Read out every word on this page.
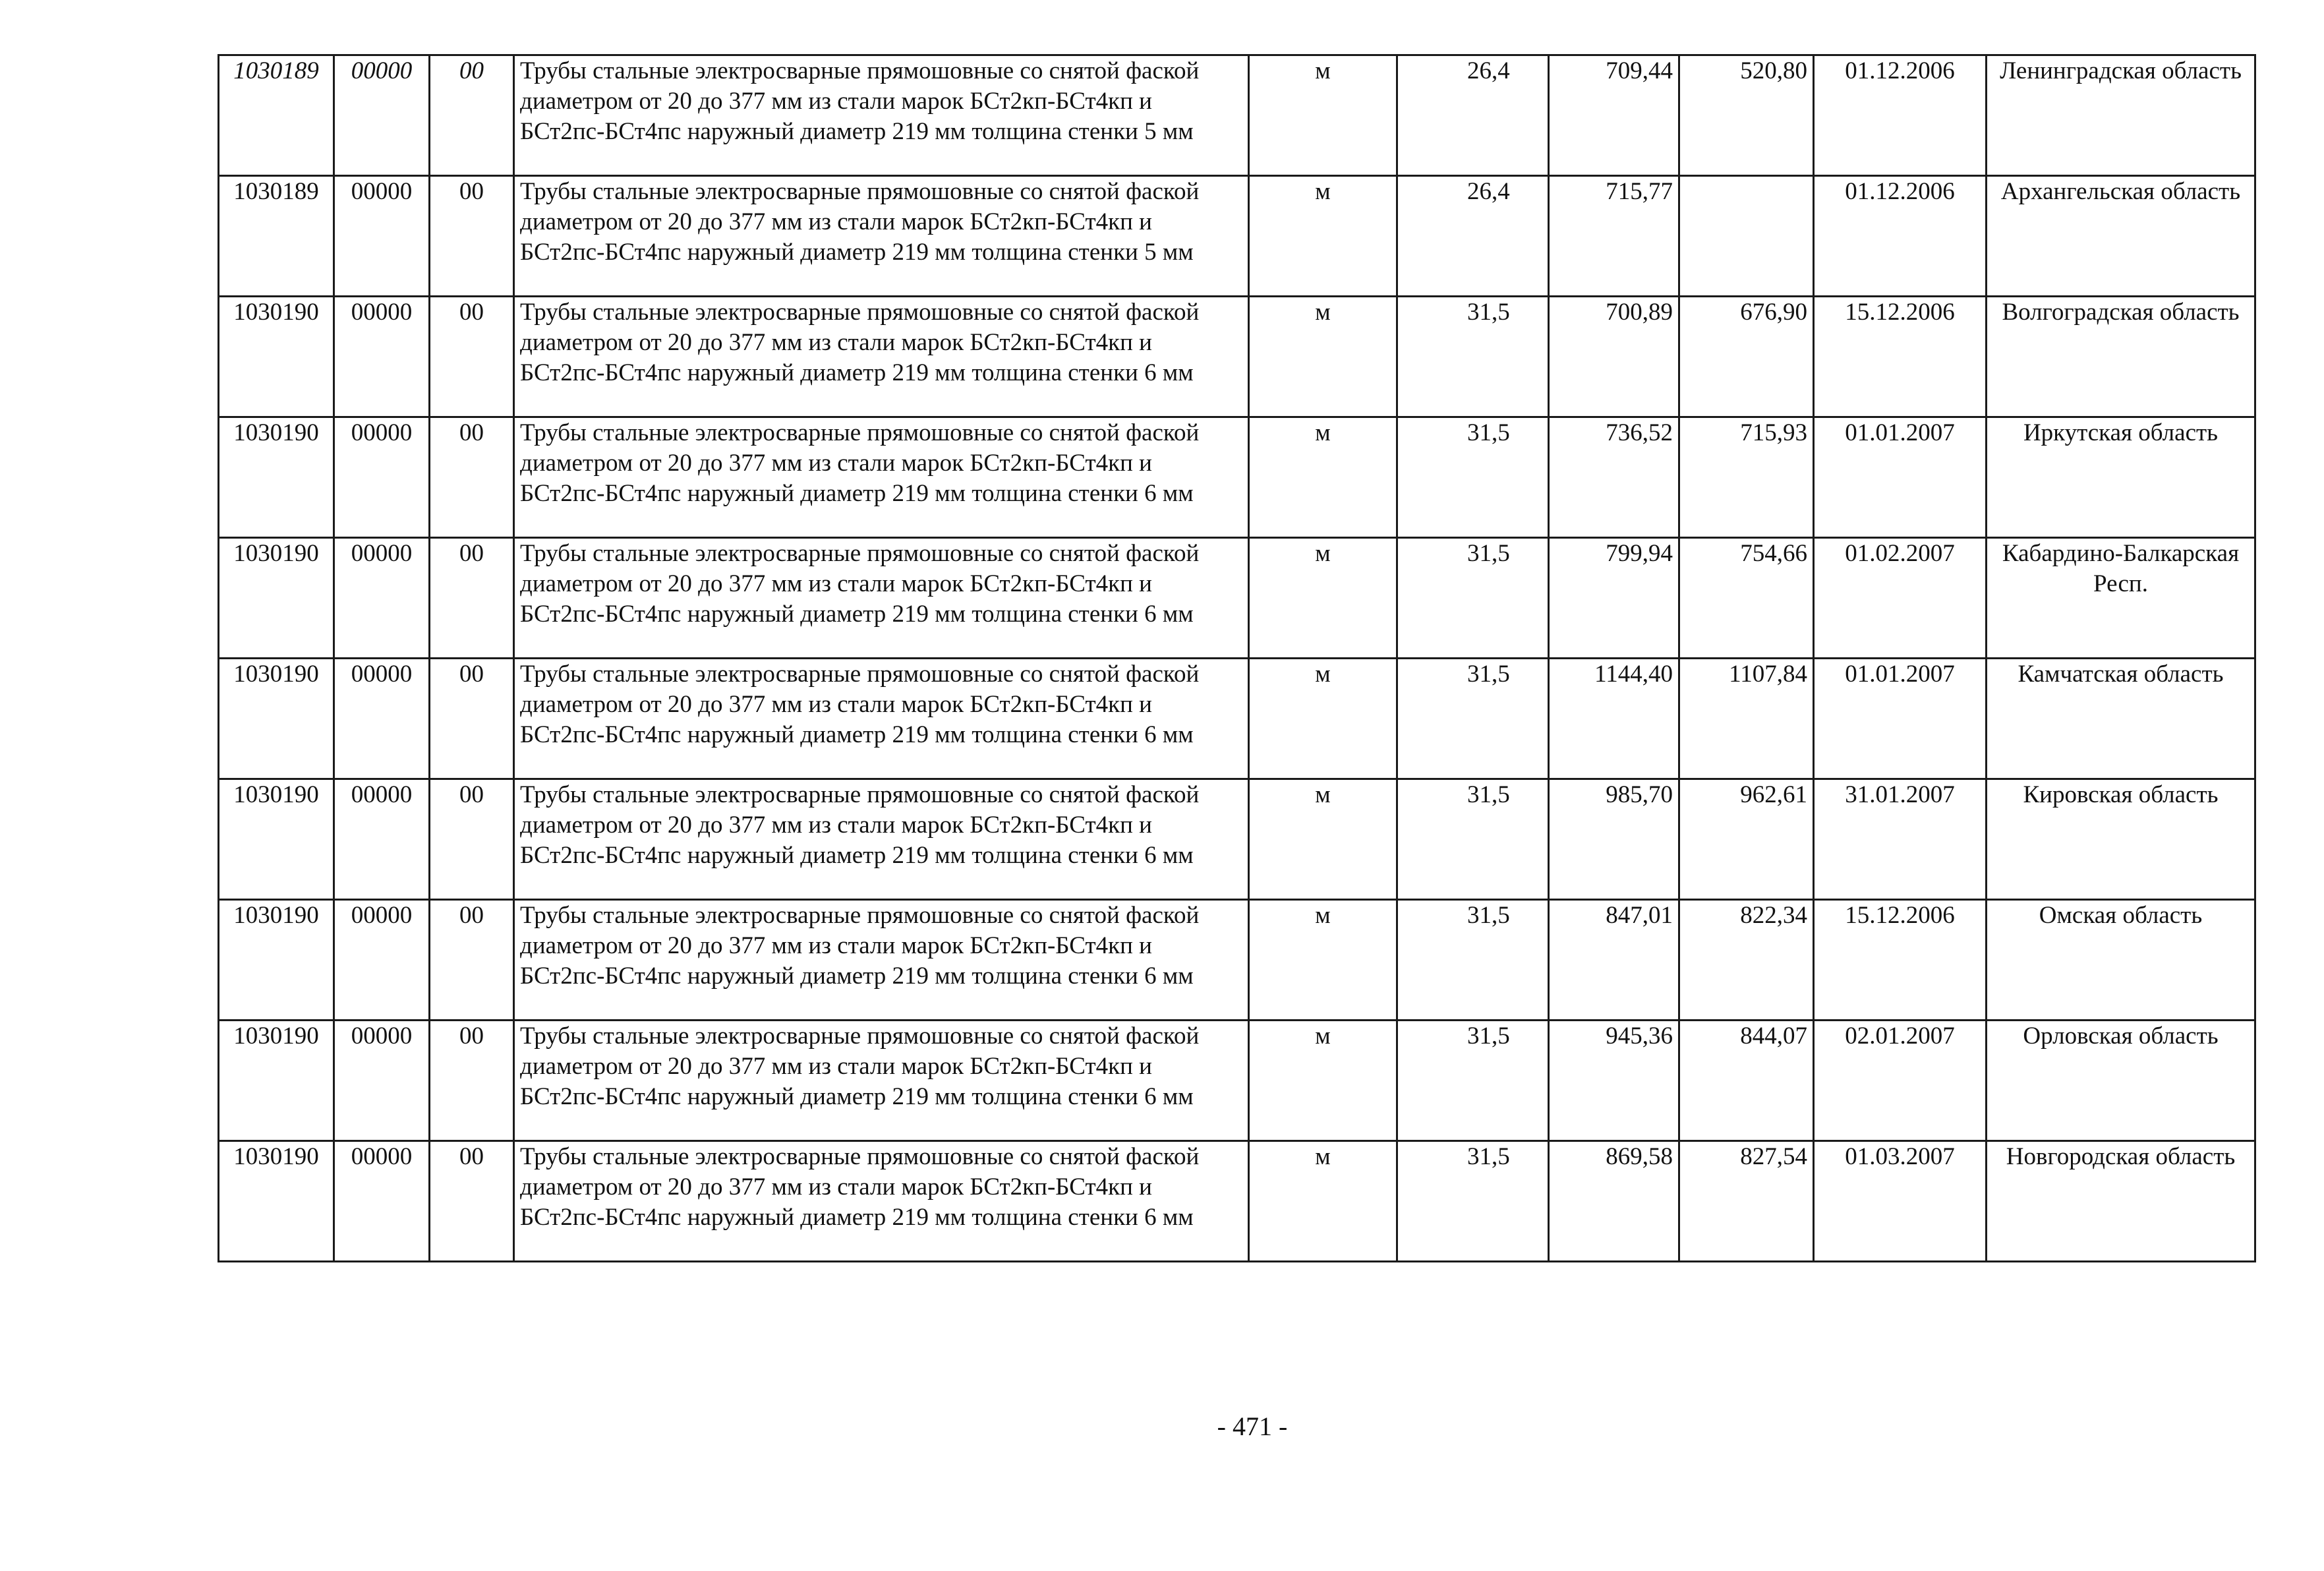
1030189	00000	00	Трубы стальные электросварные прямошовные со снятой фаской диаметром от 20 до 377 мм из стали марок БСт2кп-БСт4кп и БСт2пс-БСт4пс наружный диаметр 219 мм толщина стенки 5 мм	м	26,4	709,44	520,80	01.12.2006	Ленинградская область
1030189	00000	00	Трубы стальные электросварные прямошовные со снятой фаской диаметром от 20 до 377 мм из стали марок БСт2кп-БСт4кп и БСт2пс-БСт4пс наружный диаметр 219 мм толщина стенки 5 мм	м	26,4	715,77		01.12.2006	Архангельская область
1030190	00000	00	Трубы стальные электросварные прямошовные со снятой фаской диаметром от 20 до 377 мм из стали марок БСт2кп-БСт4кп и БСт2пс-БСт4пс наружный диаметр 219 мм толщина стенки 6 мм	м	31,5	700,89	676,90	15.12.2006	Волгоградская область
1030190	00000	00	Трубы стальные электросварные прямошовные со снятой фаской диаметром от 20 до 377 мм из стали марок БСт2кп-БСт4кп и БСт2пс-БСт4пс наружный диаметр 219 мм толщина стенки 6 мм	м	31,5	736,52	715,93	01.01.2007	Иркутская область
1030190	00000	00	Трубы стальные электросварные прямошовные со снятой фаской диаметром от 20 до 377 мм из стали марок БСт2кп-БСт4кп и БСт2пс-БСт4пс наружный диаметр 219 мм толщина стенки 6 мм	м	31,5	799,94	754,66	01.02.2007	Кабардино-Балкарская Респ.
1030190	00000	00	Трубы стальные электросварные прямошовные со снятой фаской диаметром от 20 до 377 мм из стали марок БСт2кп-БСт4кп и БСт2пс-БСт4пс наружный диаметр 219 мм толщина стенки 6 мм	м	31,5	1144,40	1107,84	01.01.2007	Камчатская область
1030190	00000	00	Трубы стальные электросварные прямошовные со снятой фаской диаметром от 20 до 377 мм из стали марок БСт2кп-БСт4кп и БСт2пс-БСт4пс наружный диаметр 219 мм толщина стенки 6 мм	м	31,5	985,70	962,61	31.01.2007	Кировская область
1030190	00000	00	Трубы стальные электросварные прямошовные со снятой фаской диаметром от 20 до 377 мм из стали марок БСт2кп-БСт4кп и БСт2пс-БСт4пс наружный диаметр 219 мм толщина стенки 6 мм	м	31,5	847,01	822,34	15.12.2006	Омская область
1030190	00000	00	Трубы стальные электросварные прямошовные со снятой фаской диаметром от 20 до 377 мм из стали марок БСт2кп-БСт4кп и БСт2пс-БСт4пс наружный диаметр 219 мм толщина стенки 6 мм	м	31,5	945,36	844,07	02.01.2007	Орловская область
1030190	00000	00	Трубы стальные электросварные прямошовные со снятой фаской диаметром от 20 до 377 мм из стали марок БСт2кп-БСт4кп и БСт2пс-БСт4пс наружный диаметр 219 мм толщина стенки 6 мм	м	31,5	869,58	827,54	01.03.2007	Новгородская область
- 471 -
